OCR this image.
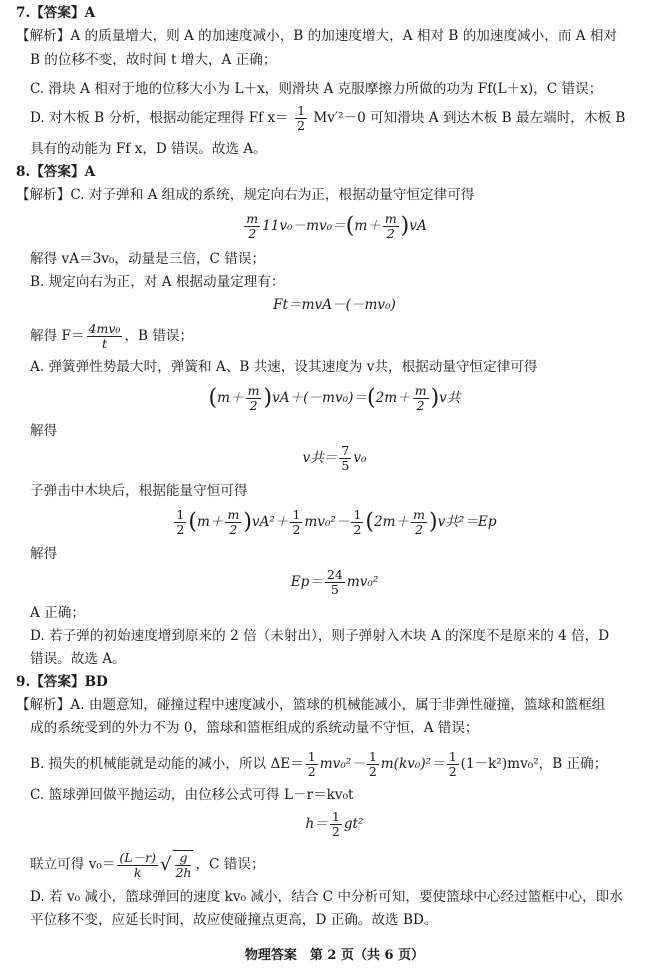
7.【答案】A
【解析】A 的质量增大，则 A 的加速度减小，B 的加速度增大，A 相对 B 的加速度减小，而 A 相对
B 的位移不变，故时间 t 增大，A 正确；
C. 滑块 A 相对于地的位移大小为 L＋x，则滑块 A 克服摩擦力所做的功为 Ff(L＋x)，C 错误；
D. 对木板 B 分析，根据动能定理得 Ff $x= \frac{1}{2} Mv'^2-0$ 可知滑块 A 到达木板 B 最左端时，木板 B
具有的动能为 Ff x，D 错误。故选 A。
8.【答案】A
【解析】C. 对子弹和 A 组成的系统，规定向右为正，根据动量守恒定律可得
$\frac{m}{2} 11v_0-mv_0=(m+ \frac{m}{2} )vA$
解得 vA＝3v₀，动量是三倍，C 错误；
B. 规定向右为正，对 A 根据动量定理有：
Ft＝mvA－(－mv₀)
解得 $F= \frac{\text{4mv₀}}{t}$ ，B 错误；
A. 弹簧弹性势最大时，弹簧和 A、B 共速，设其速度为 v共，根据动量守恒定律可得
$(m+ \frac{m}{2} )vA+(-mv_0)=(2m+ \frac{m}{2} )v$共
解得
v共＝ $\frac{7}{5} v_0$
子弹击中木块后，根据能量守恒可得
$\frac{1}{2} (m+ \frac{m}{2} )vA^2+ \frac{1}{2} mv_0^2- \frac{1}{2} (2m+ \frac{m}{2} )v$共²＝Ep
解得
$Ep= \frac{24}{5} mv_0^2$
A 正确；
D. 若子弹的初始速度增到原来的 2 倍（未射出），则子弹射入木块 A 的深度不是原来的 4 倍，D
错误。故选 A。
9.【答案】BD
【解析】A. 由题意知，碰撞过程中速度减小，篮球的机械能减小，属于非弹性碰撞，篮球和篮框组
成的系统受到的外力不为 0，篮球和篮框组成的系统动量不守恒，A 错误；
B. 损失的机械能就是动能的减小，所以 $\Delta E= \frac{1}{2} mv_0^2- \frac{1}{2} m(kv_0)^2= \frac{1}{2} (1-k^2)mv_0^2$，B 正确；
C. 篮球弹回做平抛运动，由位移公式可得 L－r＝kv₀t
$h= \frac{1}{2} gt^2$
联立可得 $v_0= \frac{(L-r)}{k}$ √ $\frac{g}{2h}$ ，C 错误；
D. 若 v₀ 减小，篮球弹回的速度 kv₀ 减小，结合 C 中分析可知，要使篮球中心经过篮框中心，即水
平位移不变，应延长时间，故应使碰撞点更高，D 正确。故选 BD。
物理答案　第 2 页（共 6 页）
